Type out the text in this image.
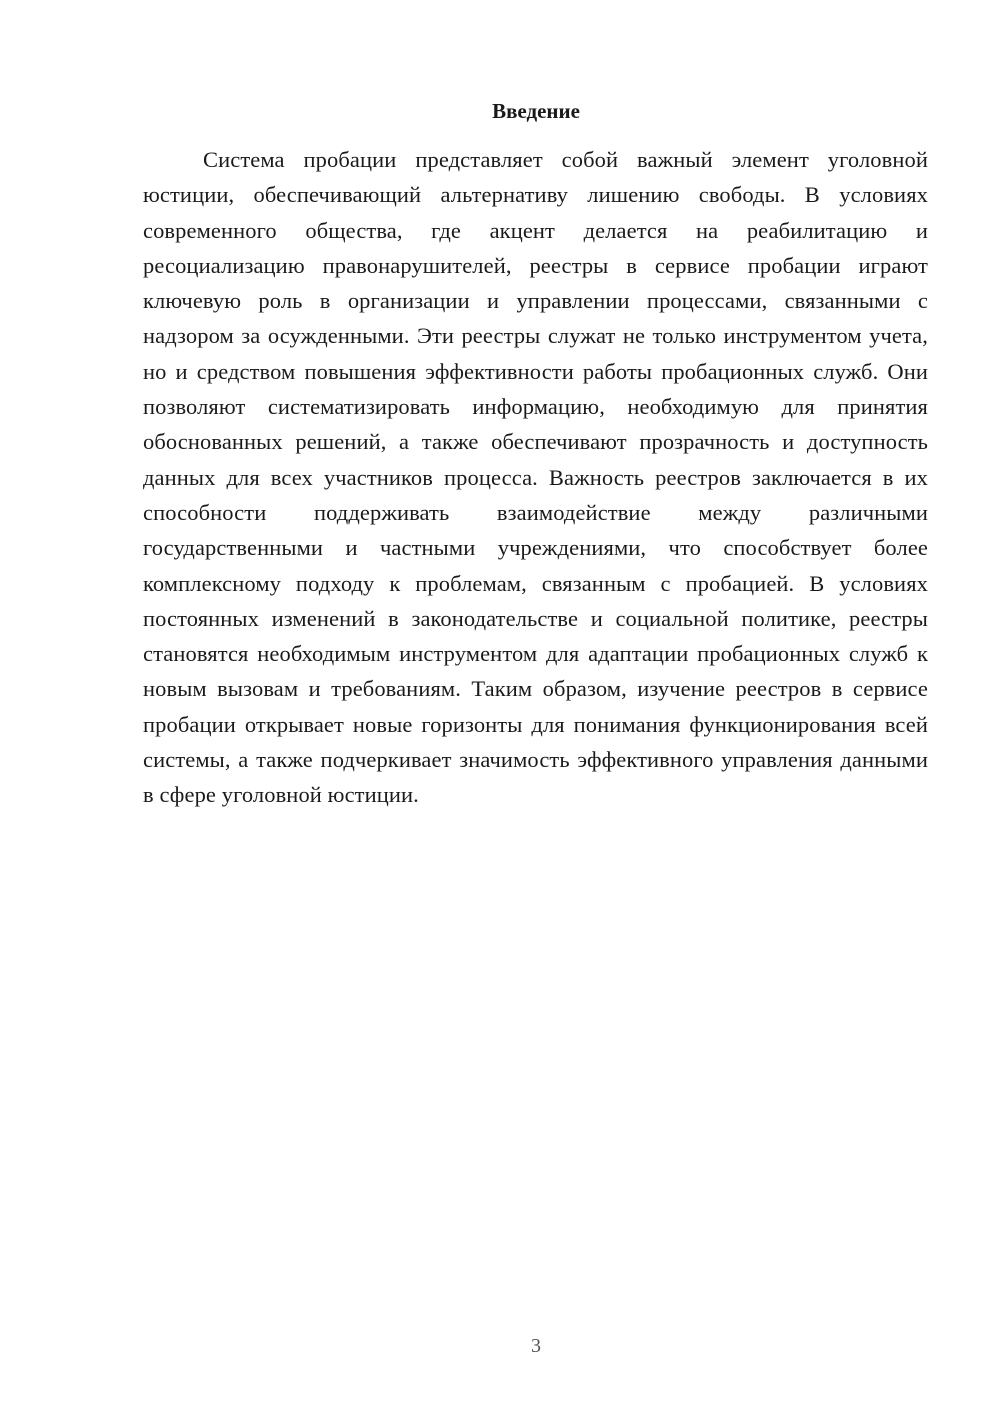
Введение

Система пробации представляет собой важный элемент уголовной юстиции, обеспечивающий альтернативу лишению свободы. В условиях современного общества, где акцент делается на реабилитацию и ресоциализацию правонарушителей, реестры в сервисе пробации играют ключевую роль в организации и управлении процессами, связанными с надзором за осужденными. Эти реестры служат не только инструментом учета, но и средством повышения эффективности работы пробационных служб. Они позволяют систематизировать информацию, необходимую для принятия обоснованных решений, а также обеспечивают прозрачность и доступность данных для всех участников процесса. Важность реестров заключается в их способности поддерживать взаимодействие между различными государственными и частными учреждениями, что способствует более комплексному подходу к проблемам, связанным с пробацией. В условиях постоянных изменений в законодательстве и социальной политике, реестры становятся необходимым инструментом для адаптации пробационных служб к новым вызовам и требованиям. Таким образом, изучение реестров в сервисе пробации открывает новые горизонты для понимания функционирования всей системы, а также подчеркивает значимость эффективного управления данными в сфере уголовной юстиции.

3
